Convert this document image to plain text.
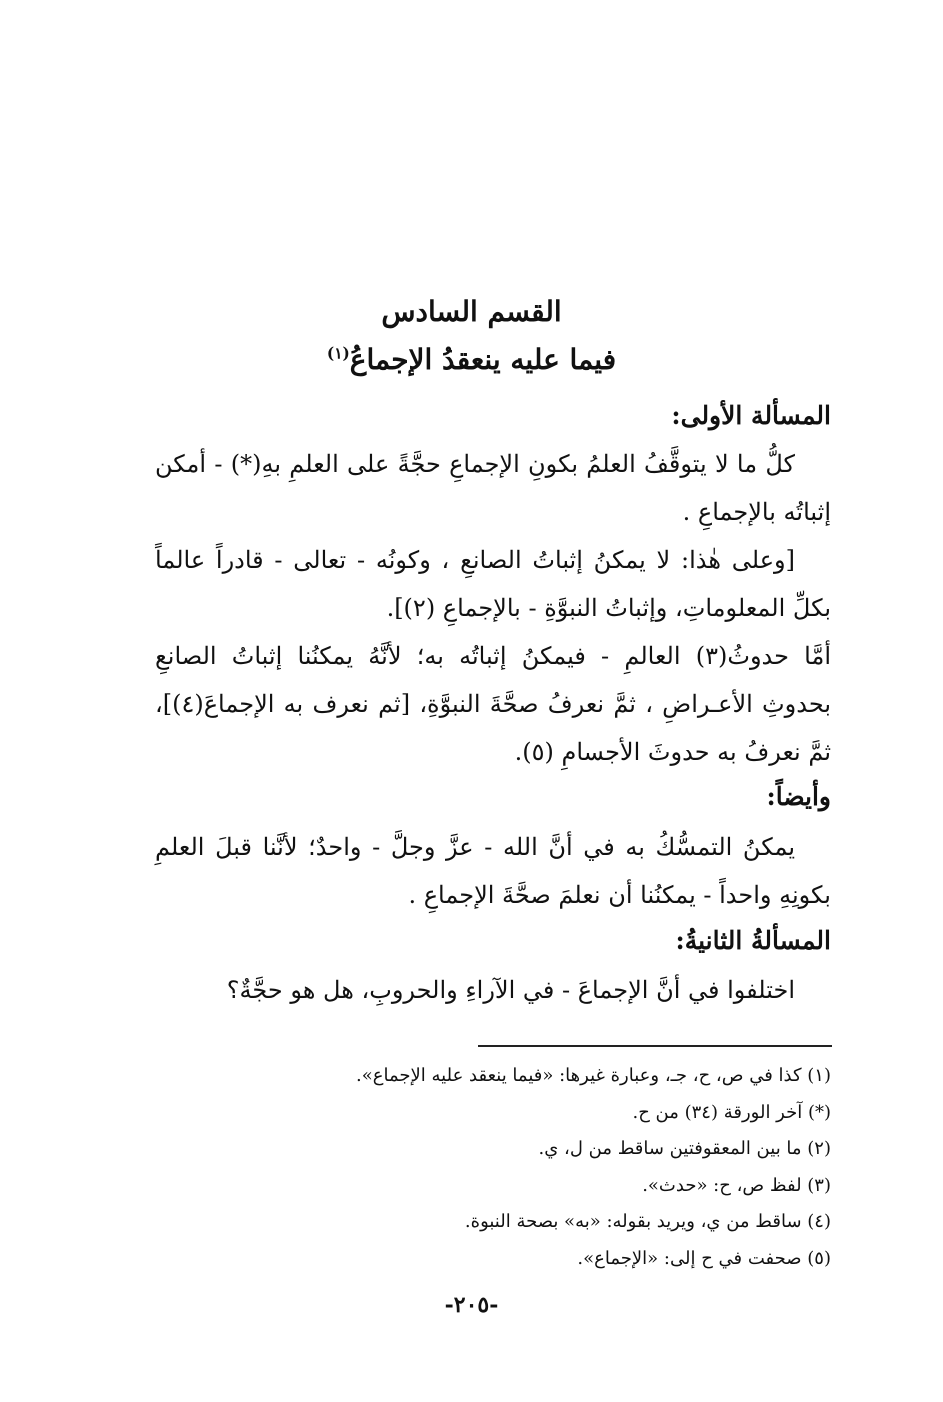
القسم السادس
فيما عليه ينعقدُ الإجماعُ$^{(١)}$
المسألة الأولى:
كلُّ ما لا يتوقَّفُ العلمُ بكونِ الإجماعِ حجَّةً على العلمِ بهِ(*) - أمكن إثباتُه بالإجماعِ .
[وعلى هٰذا: لا يمكنُ إثباتُ الصانعِ ، وكونُه - تعالى - قادراً عالماً بكلِّ المعلوماتِ، وإثباتُ النبوَّةِ - بالإجماعِ (٢)].
أمَّا حدوثُ(٣) العالمِ - فيمكنُ إثباتُه به؛ لأنَّهُ يمكنُنا إثباتُ الصانعِ بحدوثِ الأعـراضِ ، ثمَّ نعرفُ صحَّةَ النبوَّةِ، [ثم نعرف به الإجماعَ(٤)]، ثمَّ نعرفُ به حدوثَ الأجسامِ (٥).
وأيضاً:
يمكنُ التمسُّكُ به في أنَّ الله - عزَّ وجلَّ - واحدٌ؛ لأنَّنا قبلَ العلمِ بكونِهِ واحداً - يمكنُنا أن نعلمَ صحَّةَ الإجماعِ .
المسألةُ الثانيةُ:
اختلفوا في أنَّ الإجماعَ - في الآراءِ والحروبِ، هل هو حجَّةٌ؟
(١) كذا في ص، ح، جـ، وعبارة غيرها: «فيما ينعقد عليه الإجماع».
(*) آخر الورقة (٣٤) من ح.
(٢) ما بين المعقوفتين ساقط من ل، ي.
(٣) لفظ ص، ح: «حدث».
(٤) ساقط من ي، ويريد بقوله: «به» بصحة النبوة.
(٥) صحفت في ح إلى: «الإجماع».
-٢٠٥-
